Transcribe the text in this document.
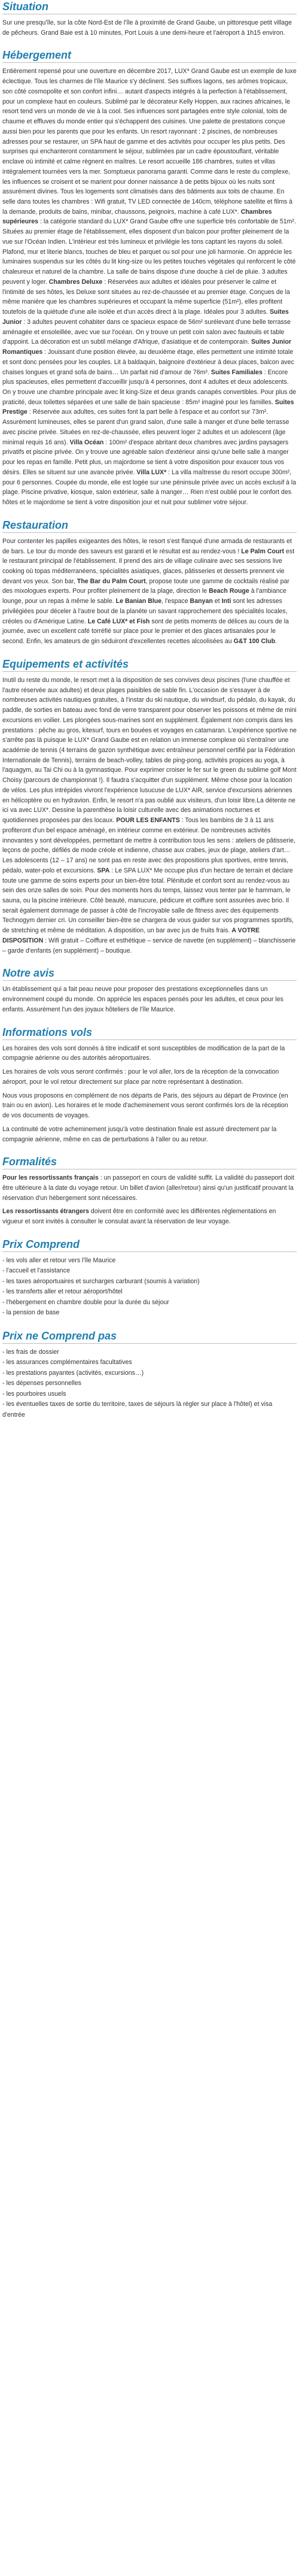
Situation

Sur une presqu'île, sur la côte Nord-Est de l'île à proximité de Grand Gaube, un pittoresque petit village de pêcheurs. Grand Baie est à 10 minutes, Port Louis à une demi-heure et l'aéroport à 1h15 environ.

Hébergement

Entièrement repensé pour une ouverture en décembre 2017, LUX* Grand Gaube est un exemple de luxe éclectique. Tous les charmes de l'île Maurice s'y déclinent. Ses suffixes lagons, ses arômes tropicaux, son côté cosmopolite et son confort infini… autant d'aspects intégrés à la perfection à l'établissement, pour un complexe haut en couleurs. Sublimé par le décorateur Kelly Hoppen, aux racines africaines, le resort tend vers un monde de vie à la cool. Ses influences sont partagées entre style colonial, toits de chaume et effluves du monde entier qui s'échappent des cuisines. Une palette de prestations conçue aussi bien pour les parents que pour les enfants. Un resort rayonnant : 2 piscines, de nombreuses adresses pour se restaurer, un SPA haut de gamme et des activités pour occuper les plus petits. Des surprises qui enchanteront constamment le séjour, sublimées par un cadre époustouflant, véritable enclave où intimité et calme règnent en maîtres. Le resort accueille 186 chambres, suites et villas intégralement tournées vers la mer. Somptueux panorama garanti. Comme dans le reste du complexe, les influences se croisent et se marient pour donner naissance à de petits bijoux où les nuits sont assurément divines. Tous les logements sont climatisés dans des bâtiments aux toits de chaume. En selle dans toutes les chambres : Wifi gratuit, TV LED connectée de 140cm, téléphone satellite et films à la demande, produits de bains, minibar, chaussons, peignoirs, machine à café LUX*. Chambres supérieures : la catégorie standard du LUX* Grand Gaube offre une superficie très confortable de 51m². Situées au premier étage de l'établissement, elles disposent d'un balcon pour profiter pleinement de la vue sur l'Océan Indien. L'intérieur est très lumineux et privilégie les tons captant les rayons du soleil. Plafond, mur et literie blancs, touches de bleu et parquet ou sol pour une joli harmonie. On apprécie les luminaires suspendus sur les côtés du lit king-size ou les petites touches végétales qui renforcent le côté chaleureux et naturel de la chambre. La salle de bains dispose d'une douche à ciel de pluie. 3 adultes peuvent y loger. Chambres Deluxe : Réservées aux adultes et idéales pour préserver le calme et l'intimité de ses hôtes, les Deluxe sont situées au rez-de-chaussée et au premier étage. Conçues de la même manière que les chambres supérieures et occupant la même superficie (51m²), elles profitent toutefois de la quiétude d'une aile isolée et d'un accès direct à la plage. Idéales pour 3 adultes. Suites Junior : 3 adultes peuvent cohabiter dans ce spacieux espace de 56m² surélevant d'une belle terrasse aménagée et ensoleillée, avec vue sur l'océan. On y trouve un petit coin salon avec fauteuils et table d'appoint. La décoration est un subtil mélange d'Afrique, d'asiatique et de contemporain. Suites Junior Romantiques : Jouissant d'une position élevée, au deuxième étage, elles permettent une intimité totale et sont donc pensées pour les couples. Lit à baldaquin, baignoire d'extérieur à deux places, balcon avec chaises longues et grand sofa de bains… Un parfait nid d'amour de 76m². Suites Familiales : Encore plus spacieuses, elles permettent d'accueillir jusqu'à 4 personnes, dont 4 adultes et deux adolescents. On y trouve une chambre principale avec lit king-Size et deux grands canapés convertibles. Pour plus de praticité, deux toilettes séparées et une salle de bain spacieuse : 85m² imaginé pour les familles. Suites Prestige : Réservée aux adultes, ces suites font la part belle à l'espace et au confort sur 73m². Assurément lumineuses, elles se parent d'un grand salon, d'une salle à manger et d'une belle terrasse avec piscine privée. Situées en rez-de-chaussée, elles peuvent loger 2 adultes et un adolescent (âge minimal requis 16 ans). Villa Océan : 100m² d'espace abritant deux chambres avec jardins paysagers privatifs et piscine privée. On y trouve une agréable salon d'extérieur ainsi qu'une belle salle à manger pour les repas en famille. Petit plus, un majordome se tient à votre disposition pour exaucer tous vos désirs. Elles se situent sur une avancée privée. Villa LUX* : La villa maîtresse du resort occupe 300m², pour 6 personnes. Coupée du monde, elle est logée sur une péninsule privée avec un accès exclusif à la plage. Piscine privative, kiosque, salon extérieur, salle à manger… Rien n'est oublié pour le confort des hôtes et le majordome se tient à votre disposition jour et nuit pour sublimer votre séjour.

Restauration

Pour contenter les papilles exigeantes des hôtes, le resort s'est flanqué d'une armada de restaurants et de bars. Le tour du monde des saveurs est garanti et le résultat est au rendez-vous ! Le Palm Court est le restaurant principal de l'établissement. Il prend des airs de village culinaire avec ses sessions live cooking où topas méditerranéens, spécialités asiatiques, glaces, pâtisseries et desserts prennent vie devant vos yeux. Son bar, The Bar du Palm Court, propose toute une gamme de cocktails réalisé par des mixologues experts. Pour profiter pleinement de la plage, direction le Beach Rouge à l'ambiance lounge, pour un repas à même le sable. Le Banian Blue, l'espace Banyan et Inti sont les adresses privilégiées pour déceler à l'autre bout de la planète un savant rapprochement des spécialités locales, créoles ou d'Amérique Latine. Le Café LUX* et Fish sont de petits moments de délices au cours de la journée, avec un excellent café torréfié sur place pour le premier et des glaces artisanales pour le second. Enfin, les amateurs de gin séduiront d'excellentes recettes alcoolisées au G&T 100 Club.

Equipements et activités

Inutil du reste du monde, le resort met à la disposition de ses convives deux piscines (l'une chauffée et l'autre réservée aux adultes) et deux plages paisibles de sable fin. L'occasion de s'essayer à de nombreuses activités nautiques gratuites, à l'instar du ski nautique, du windsurf, du pédalo, du kayak, du paddle, de sorties en bateau avec fond de verre transparent pour observer les poissons et même de mini excursions en voilier. Les plongées sous-marines sont en supplément. Également non compris dans les prestations : pêche au gros, kitesurf, tours en bouées et voyages en catamaran. L'expérience sportive ne s'arrête pas là puisque le LUX* Grand Gaube est en relation un immense complexe où s'entraîner une académie de tennis (4 terrains de gazon synthétique avec entraîneur personnel certifié par la Fédération Internationale de Tennis), terrains de beach-volley, tables de ping-pong, activités propices au yoga, à l'aquagym, au Tai Chi ou à la gymnastique. Pour exprimer croiser le fer sur le green du sublime golf Mont Choisy (parcours de championnat !). Il faudra s'acquitter d'un supplément. Même chose pour la location de vélos. Les plus intrépides vivront l'expérience lusucuse de LUX* AIR, service d'excursions aériennes en hélicoptère ou en hydravion. Enfin, le resort n'a pas oublié aux visiteurs, d'un loisir libre.La détente ne ici va avec LUX*. Dessine la parenthèse la loisir culturelle avec des animations nocturnes et quotidiennes proposées par des locaux. POUR LES ENFANTS : Tous les bambins de 3 à 11 ans profiteront d'un bel espace aménagé, en intérieur comme en extérieur. De nombreuses activités innovantes y sont développées, permettant de mettre à contribution tous les sens : ateliers de pâtisserie, leçons de poche, défilés de mode créole et indienne, chasse aux crabes, jeux de plage, ateliers d'art… Les adolescents (12 – 17 ans) ne sont pas en reste avec des propositions plus sportives, entre tennis, pédalo, water-polo et excursions. SPA : Le SPA LUX* Me occupe plus d'un hectare de terrain et déclare toute une gamme de soins experts pour un bien-être total. Plénitude et confort sont au rendez-vous au sein des onze salles de soin. Pour des moments hors du temps, laissez vous tenter par le hammam, le sauna, ou la piscine intérieure. Côté beauté, manucure, pédicure et coiffure sont assurées avec brio. Il serait également dommage de passer à côté de l'incroyable salle de fitness avec des équipements Technogym dernier cri. Un conseiller bien-être se chargera de vous guider sur vos programmes sportifs, de stretching et même de méditation. A disposition, un bar avec jus de fruits frais. A VOTRE DISPOSITION : Wifi gratuit – Coiffure et esthétique – service de navette (en supplément) – blanchisserie – garde d'enfants (en supplément) – boutique.

Notre avis

Un établissement qui a fait peau neuve pour proposer des prestations exceptionnelles dans un environnement coupé du monde. On apprécie les espaces pensés pour les adultes, et ceux pour les enfants. Assurément l'un des joyaux hôteliers de l'île Maurice.

Informations vols

Les horaires des vols sont donnés à titre indicatif et sont susceptibles de modification de la part de la compagnie aérienne ou des autorités aéroportuaires.

Les horaires de vols vous seront confirmés : pour le vol aller, lors de la réception de la convocation aéroport, pour le vol retour directement sur place par notre représentant à destination.

Nous vous proposons en complément de nos départs de Paris, des séjours au départ de Province (en train ou en avion). Les horaires et le mode d'acheminement vous seront confirmés lors de la réception de vos documents de voyages.

La continuité de votre acheminement jusqu'à votre destination finale est assuré directement par la compagnie aérienne, même en cas de perturbations à l'aller ou au retour.

Formalités

Pour les ressortissants français : un passeport en cours de validité suffit. La validité du passeport doit être ultérieure à la date du voyage retour. Un billet d'avion (aller/retour) ainsi qu'un justificatif prouvant la réservation d'un hébergement sont nécessaires.

Les ressortissants étrangers doivent être en conformité avec les différentes réglementations en vigueur et sont invités à consulter le consulat avant la réservation de leur voyage.

Prix Comprend
- les vols aller et retour vers l'île Maurice
- l'accueil et l'assistance
- les taxes aéroportuaires et surcharges carburant (soumis à variation)
- les transferts aller et retour aéroport/hôtel
- l'hébergement en chambre double pour la durée du séjour
- la pension de base
Prix ne Comprend pas
- les frais de dossier
- les assurances complémentaires facultatives
- les prestations payantes (activités, excursions…)
- les dépenses personnelles
- les pourboires usuels
- les éventuelles taxes de sortie du territoire, taxes de séjours là régler sur place à l'hôtel) et visa d'entrée
